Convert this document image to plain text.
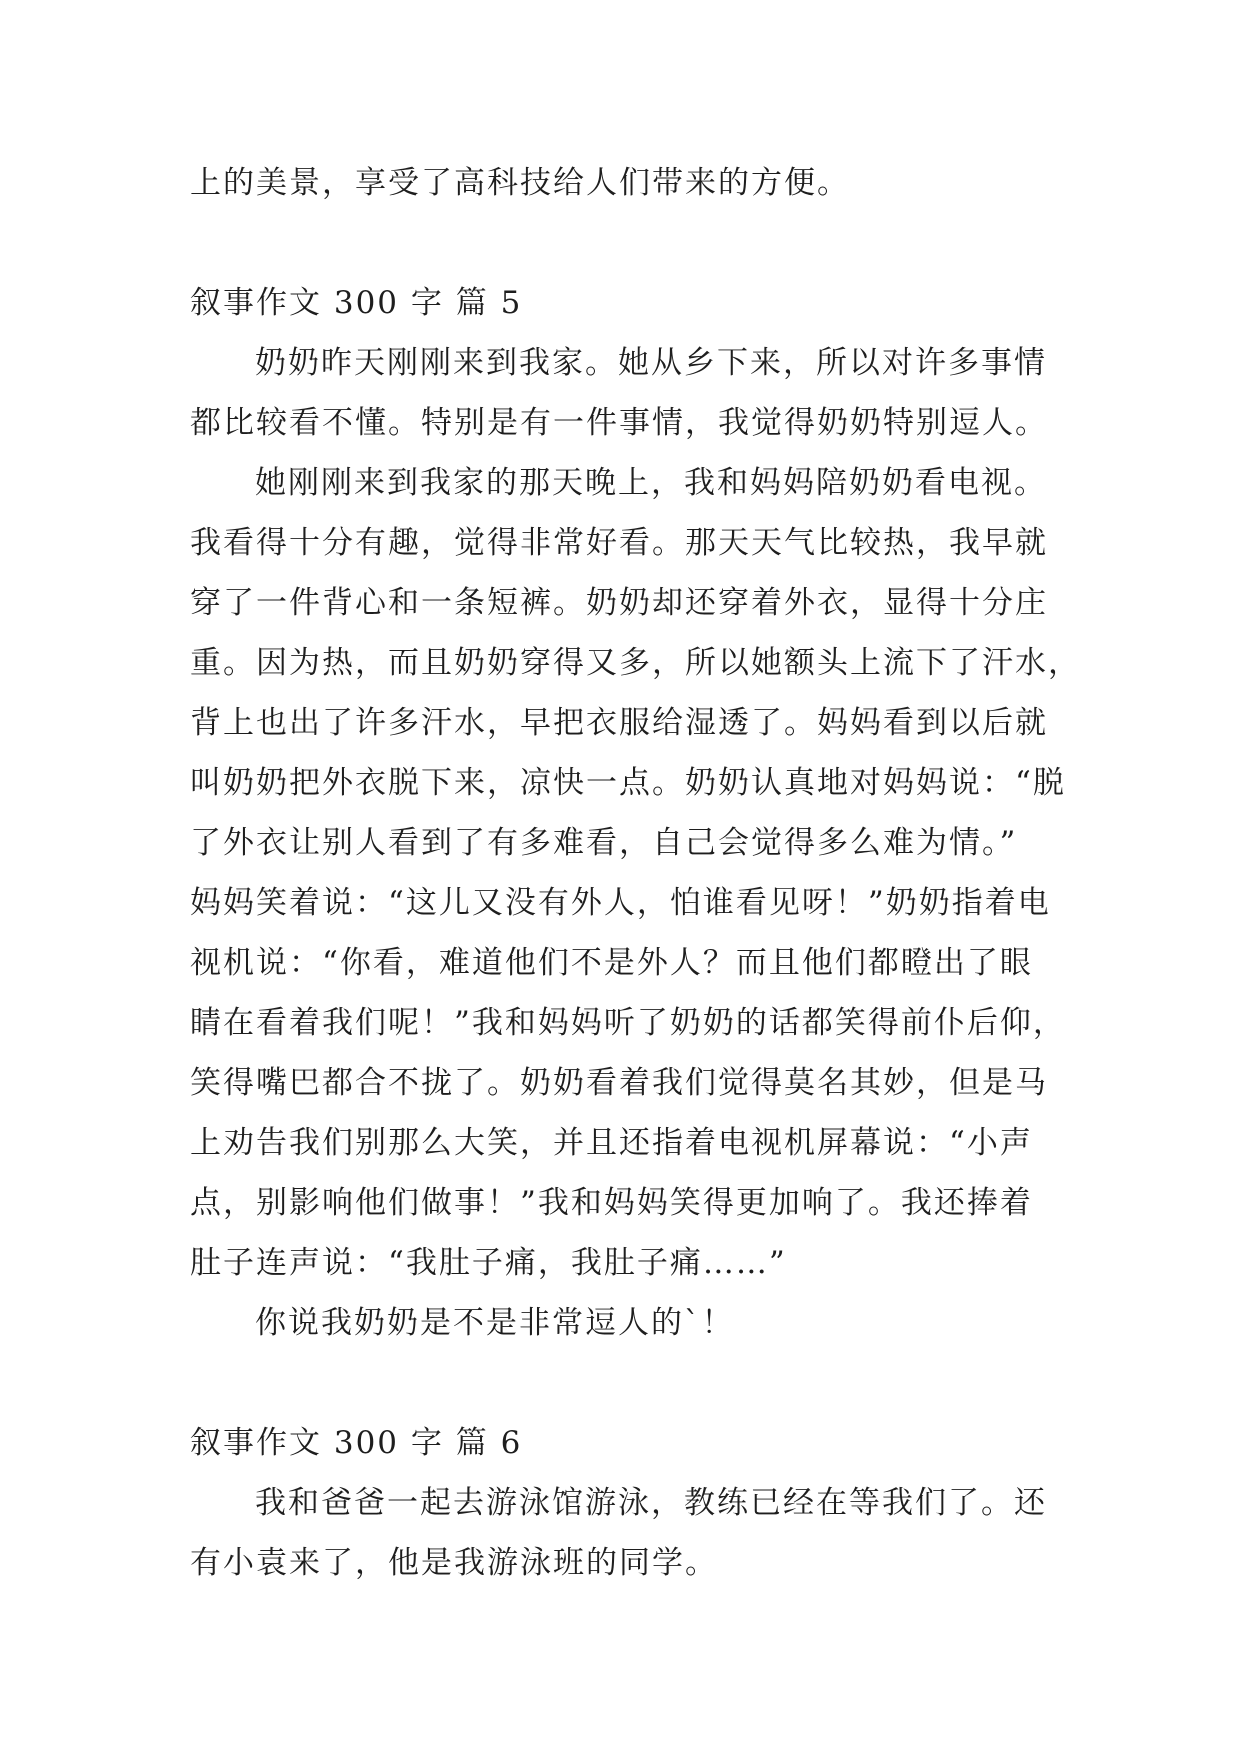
上的美景，享受了高科技给人们带来的方便。
叙事作文 300 字 篇 5
奶奶昨天刚刚来到我家。她从乡下来，所以对许多事情
都比较看不懂。特别是有一件事情，我觉得奶奶特别逗人。
她刚刚来到我家的那天晚上，我和妈妈陪奶奶看电视。
我看得十分有趣，觉得非常好看。那天天气比较热，我早就
穿了一件背心和一条短裤。奶奶却还穿着外衣，显得十分庄
重。因为热，而且奶奶穿得又多，所以她额头上流下了汗水，
背上也出了许多汗水，早把衣服给湿透了。妈妈看到以后就
叫奶奶把外衣脱下来，凉快一点。奶奶认真地对妈妈说：“脱
了外衣让别人看到了有多难看，自己会觉得多么难为情。”
妈妈笑着说：“这儿又没有外人，怕谁看见呀！”奶奶指着电
视机说：“你看，难道他们不是外人？而且他们都瞪出了眼
睛在看着我们呢！”我和妈妈听了奶奶的话都笑得前仆后仰，
笑得嘴巴都合不拢了。奶奶看着我们觉得莫名其妙，但是马
上劝告我们别那么大笑，并且还指着电视机屏幕说：“小声
点，别影响他们做事！”我和妈妈笑得更加响了。我还捧着
肚子连声说：“我肚子痛，我肚子痛……”
你说我奶奶是不是非常逗人的`！
叙事作文 300 字 篇 6
我和爸爸一起去游泳馆游泳，教练已经在等我们了。还
有小袁来了，他是我游泳班的同学。
